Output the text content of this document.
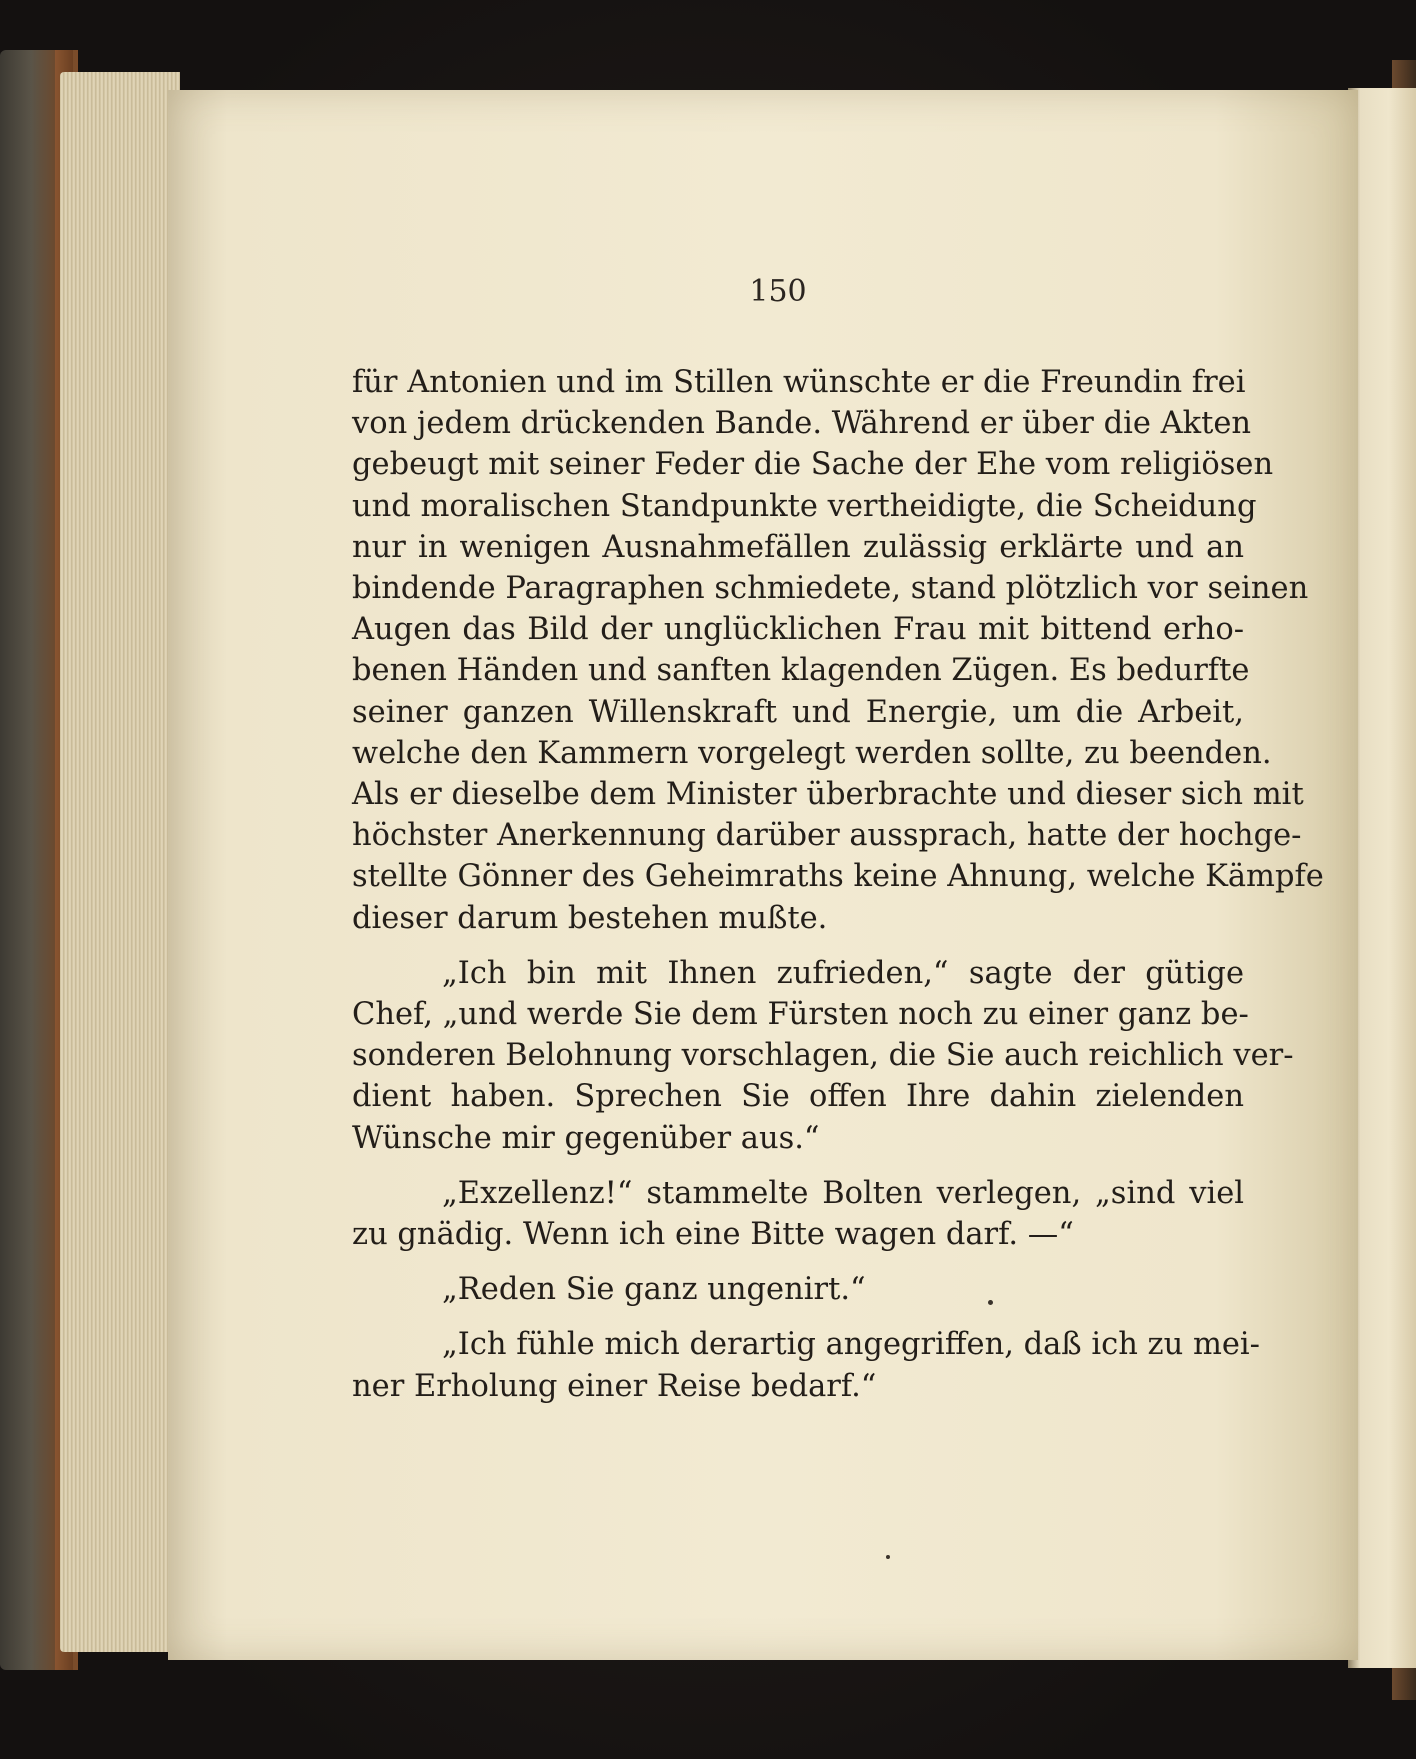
150
für Antonien und im Stillen wünschte er die Freundin frei
von jedem drückenden Bande. Während er über die Akten
gebeugt mit seiner Feder die Sache der Ehe vom religiösen
und moralischen Standpunkte vertheidigte, die Scheidung
nur in wenigen Ausnahmefällen zulässig erklärte und an
bindende Paragraphen schmiedete, stand plötzlich vor seinen
Augen das Bild der unglücklichen Frau mit bittend erho-
benen Händen und sanften klagenden Zügen. Es bedurfte
seiner ganzen Willenskraft und Energie, um die Arbeit,
welche den Kammern vorgelegt werden sollte, zu beenden.
Als er dieselbe dem Minister überbrachte und dieser sich mit
höchster Anerkennung darüber aussprach, hatte der hochge-
stellte Gönner des Geheimraths keine Ahnung, welche Kämpfe
dieser darum bestehen mußte.
„Ich bin mit Ihnen zufrieden,“ sagte der gütige
Chef, „und werde Sie dem Fürsten noch zu einer ganz be-
sonderen Belohnung vorschlagen, die Sie auch reichlich ver-
dient haben. Sprechen Sie offen Ihre dahin zielenden
Wünsche mir gegenüber aus.“
„Exzellenz!“ stammelte Bolten verlegen, „sind viel
zu gnädig. Wenn ich eine Bitte wagen darf. —“
„Reden Sie ganz ungenirt.“
„Ich fühle mich derartig angegriffen, daß ich zu mei-
ner Erholung einer Reise bedarf.“
